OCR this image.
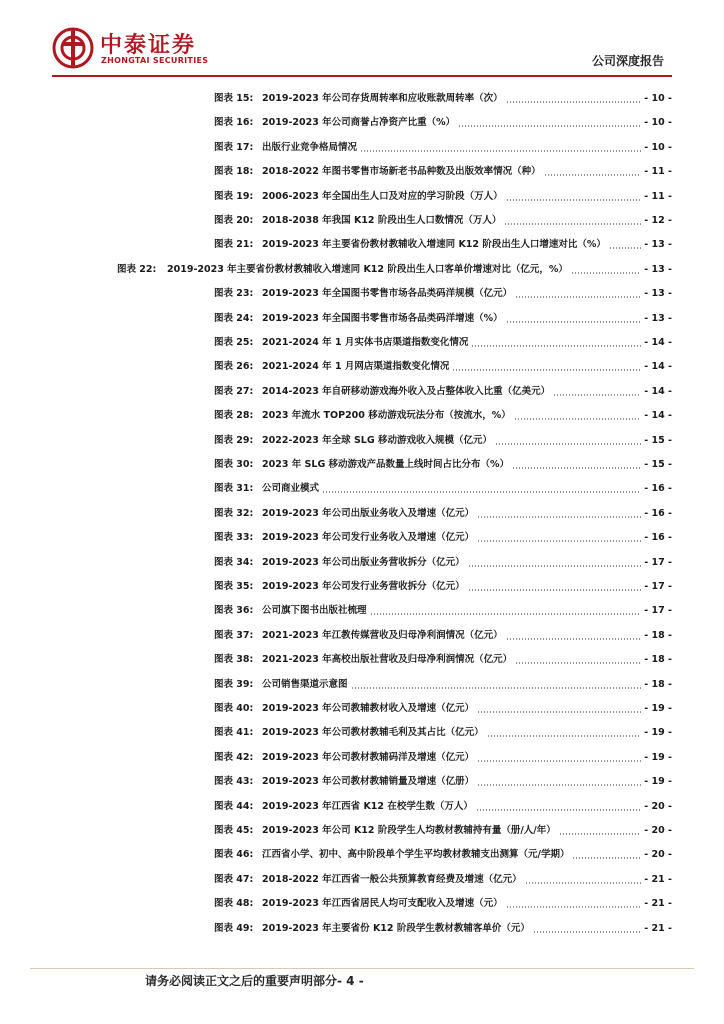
中泰证券
ZHONGTAI SECURITIES	公司深度报告
图表 15: 2019-2023 年公司存货周转率和应收账款周转率（次）	- 10 -
图表 16: 2019-2023 年公司商誉占净资产比重（%）	- 10 -
图表 17: 出版行业竞争格局情况	- 10 -
图表 18: 2018-2022 年图书零售市场新老书品种数及出版效率情况（种）	- 11 -
图表 19: 2006-2023 年全国出生人口及对应的学习阶段（万人）	- 11 -
图表 20: 2018-2038 年我国 K12 阶段出生人口数情况（万人）	- 12 -
图表 21: 2019-2023 年主要省份教材教辅收入增速同 K12 阶段出生人口增速对比（%）	- 13 -
图表 22:	2019-2023 年主要省份教材教辅收入增速同 K12 阶段出生人口客单价增速对比（亿元，%）	- 13 -
图表 23: 2019-2023 年全国图书零售市场各品类码洋规模（亿元）	- 13 -
图表 24: 2019-2023 年全国图书零售市场各品类码洋增速（%）	- 13 -
图表 25: 2021-2024 年 1 月实体书店渠道指数变化情况	- 14 -
图表 26: 2021-2024 年 1 月网店渠道指数变化情况	- 14 -
图表 27: 2014-2023 年自研移动游戏海外收入及占整体收入比重（亿美元）	- 14 -
图表 28: 2023 年流水 TOP200 移动游戏玩法分布（按流水，%）	- 14 -
图表 29: 2022-2023 年全球 SLG 移动游戏收入规模（亿元）	- 15 -
图表 30: 2023 年 SLG 移动游戏产品数量上线时间占比分布（%）	- 15 -
图表 31: 公司商业模式	- 16 -
图表 32: 2019-2023 年公司出版业务收入及增速（亿元）	- 16 -
图表 33: 2019-2023 年公司发行业务收入及增速（亿元）	- 16 -
图表 34: 2019-2023 年公司出版业务营收拆分（亿元）	- 17 -
图表 35: 2019-2023 年公司发行业务营收拆分（亿元）	- 17 -
图表 36: 公司旗下图书出版社梳理	- 17 -
图表 37: 2021-2023 年江教传媒营收及归母净利润情况（亿元）	- 18 -
图表 38: 2021-2023 年高校出版社营收及归母净利润情况（亿元）	- 18 -
图表 39: 公司销售渠道示意图	- 18 -
图表 40: 2019-2023 年公司教辅教材收入及增速（亿元）	- 19 -
图表 41: 2019-2023 年公司教材教辅毛利及其占比（亿元）	- 19 -
图表 42: 2019-2023 年公司教材教辅码洋及增速（亿元）	- 19 -
图表 43: 2019-2023 年公司教材教辅销量及增速（亿册）	- 19 -
图表 44: 2019-2023 年江西省 K12 在校学生数（万人）	- 20 -
图表 45: 2019-2023 年公司 K12 阶段学生人均教材教辅持有量（册/人/年）	- 20 -
图表 46: 江西省小学、初中、高中阶段单个学生平均教材教辅支出测算（元/学期）	- 20 -
图表 47: 2018-2022 年江西省一般公共预算教育经费及增速（亿元）	- 21 -
图表 48: 2019-2023 年江西省居民人均可支配收入及增速（元）	- 21 -
图表 49: 2019-2023 年主要省份 K12 阶段学生教材教辅客单价（元）	- 21 -
请务必阅读正文之后的重要声明部分- 4 -
